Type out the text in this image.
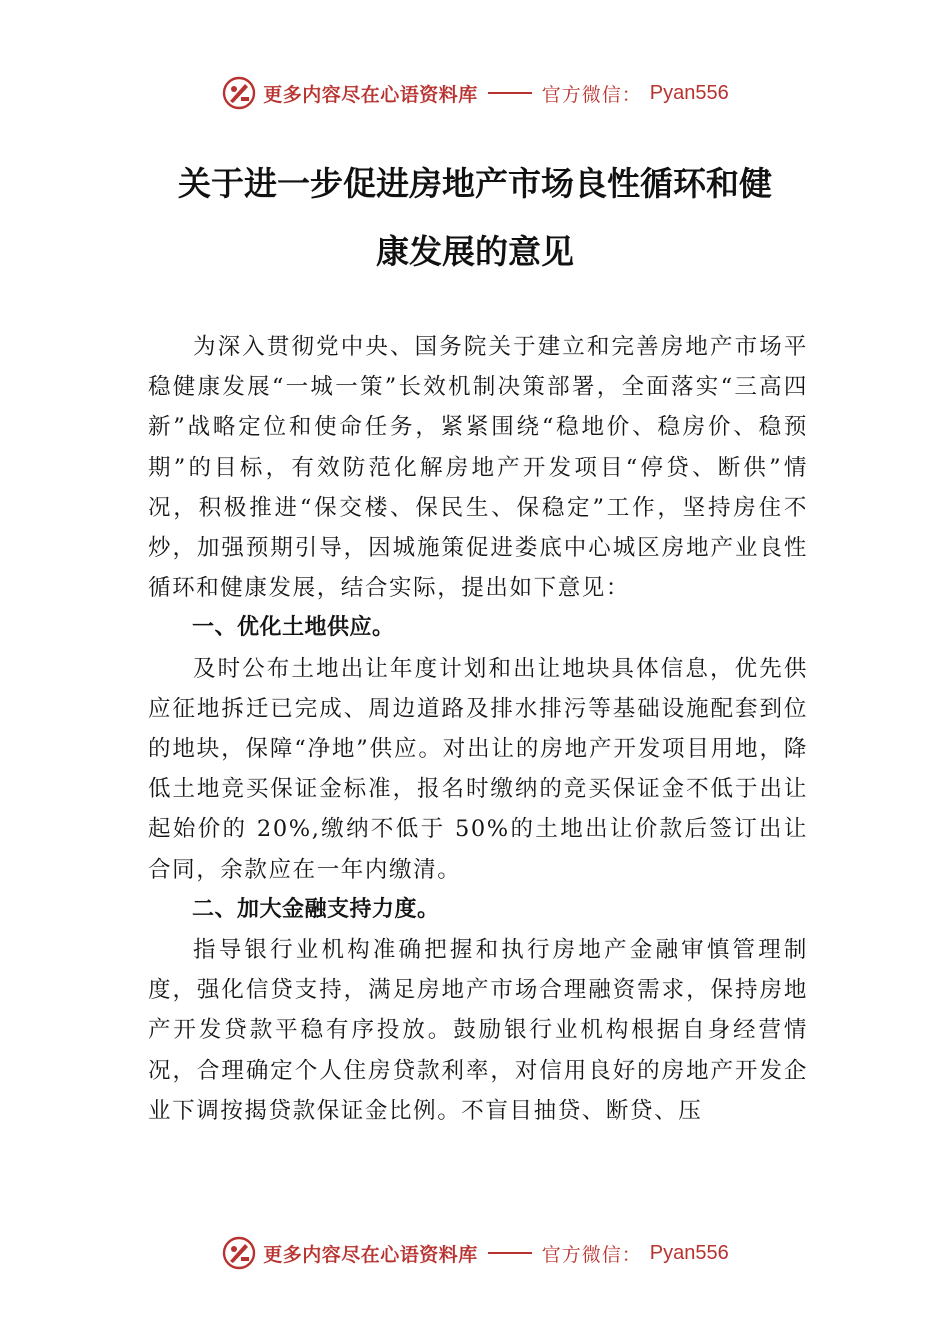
更多内容尽在心语资料库	官方微信： Pyan556
关于进一步促进房地产市场良性循环和健
康发展的意见

为深入贯彻党中央、国务院关于建立和完善房地产市场平稳健康发展“一城一策”长效机制决策部署，全面落实“三高四新”战略定位和使命任务，紧紧围绕“稳地价、稳房价、稳预期”的目标，有效防范化解房地产开发项目“停贷、断供”情况，积极推进“保交楼、保民生、保稳定”工作，坚持房住不炒，加强预期引导，因城施策促进娄底中心城区房地产业良性循环和健康发展，结合实际，提出如下意见：

一、优化土地供应。

及时公布土地出让年度计划和出让地块具体信息，优先供应征地拆迁已完成、周边道路及排水排污等基础设施配套到位的地块，保障“净地”供应。对出让的房地产开发项目用地，降低土地竞买保证金标准，报名时缴纳的竞买保证金不低于出让起始价的 20%,缴纳不低于 50%的土地出让价款后签订出让合同，余款应在一年内缴清。

二、加大金融支持力度。

指导银行业机构准确把握和执行房地产金融审慎管理制度，强化信贷支持，满足房地产市场合理融资需求，保持房地产开发贷款平稳有序投放。鼓励银行业机构根据自身经营情况，合理确定个人住房贷款利率，对信用良好的房地产开发企业下调按揭贷款保证金比例。不盲目抽贷、断贷、压

更多内容尽在心语资料库	官方微信： Pyan556
